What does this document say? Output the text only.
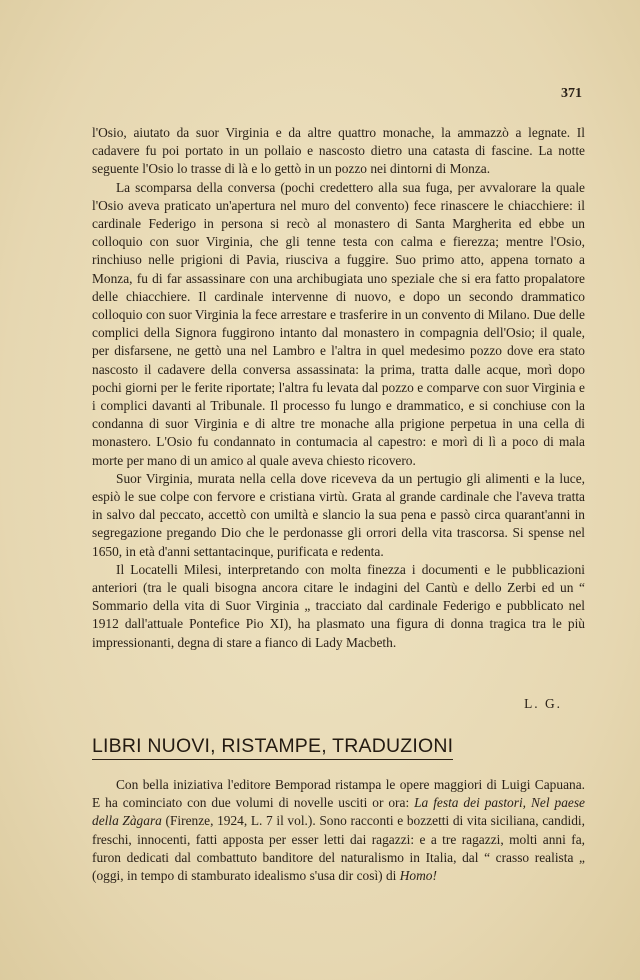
371

l'Osio, aiutato da suor Virginia e da altre quattro monache, la ammazzò a legnate. Il cadavere fu poi portato in un pollaio e nascosto dietro una catasta di fascine. La notte seguente l'Osio lo trasse di là e lo gettò in un pozzo nei dintorni di Monza.

La scomparsa della conversa (pochi credettero alla sua fuga, per avvalorare la quale l'Osio aveva praticato un'apertura nel muro del convento) fece rinascere le chiacchiere: il cardinale Federigo in persona si recò al monastero di Santa Margherita ed ebbe un colloquio con suor Virginia, che gli tenne testa con calma e fierezza; mentre l'Osio, rinchiuso nelle prigioni di Pavia, riusciva a fuggire. Suo primo atto, appena tornato a Monza, fu di far assassinare con una archibugiata uno speziale che si era fatto propalatore delle chiacchiere. Il cardinale intervenne di nuovo, e dopo un secondo drammatico colloquio con suor Virginia la fece arrestare e trasferire in un convento di Milano. Due delle complici della Signora fuggirono intanto dal monastero in compagnia dell'Osio; il quale, per disfarsene, ne gettò una nel Lambro e l'altra in quel medesimo pozzo dove era stato nascosto il cadavere della conversa assassinata: la prima, tratta dalle acque, morì dopo pochi giorni per le ferite riportate; l'altra fu levata dal pozzo e comparve con suor Virginia e i complici davanti al Tribunale. Il processo fu lungo e drammatico, e si conchiuse con la condanna di suor Virginia e di altre tre monache alla prigione perpetua in una cella di monastero. L'Osio fu condannato in contumacia al capestro: e morì di lì a poco di mala morte per mano di un amico al quale aveva chiesto ricovero.

Suor Virginia, murata nella cella dove riceveva da un pertugio gli alimenti e la luce, espiò le sue colpe con fervore e cristiana virtù. Grata al grande cardinale che l'aveva tratta in salvo dal peccato, accettò con umiltà e slancio la sua pena e passò circa quarant'anni in segregazione pregando Dio che le perdonasse gli orrori della vita trascorsa. Si spense nel 1650, in età d'anni settantacinque, purificata e redenta.

Il Locatelli Milesi, interpretando con molta finezza i documenti e le pubblicazioni anteriori (tra le quali bisogna ancora citare le indagini del Cantù e dello Zerbi ed un “ Sommario della vita di Suor Virginia „ tracciato dal cardinale Federigo e pubblicato nel 1912 dall'attuale Pontefice Pio XI), ha plasmato una figura di donna tragica tra le più impressionanti, degna di stare a fianco di Lady Macbeth.

L. G.
LIBRI NUOVI, RISTAMPE, TRADUZIONI

Con bella iniziativa l'editore Bemporad ristampa le opere maggiori di Luigi Capuana. E ha cominciato con due volumi di novelle usciti or ora: La festa dei pastori, Nel paese della Zàgara (Firenze, 1924, L. 7 il vol.). Sono racconti e bozzetti di vita siciliana, candidi, freschi, innocenti, fatti apposta per esser letti dai ragazzi: e a tre ragazzi, molti anni fa, furon dedicati dal combattuto banditore del naturalismo in Italia, dal “ crasso realista „ (oggi, in tempo di stamburato idealismo s'usa dir così) di Homo!
